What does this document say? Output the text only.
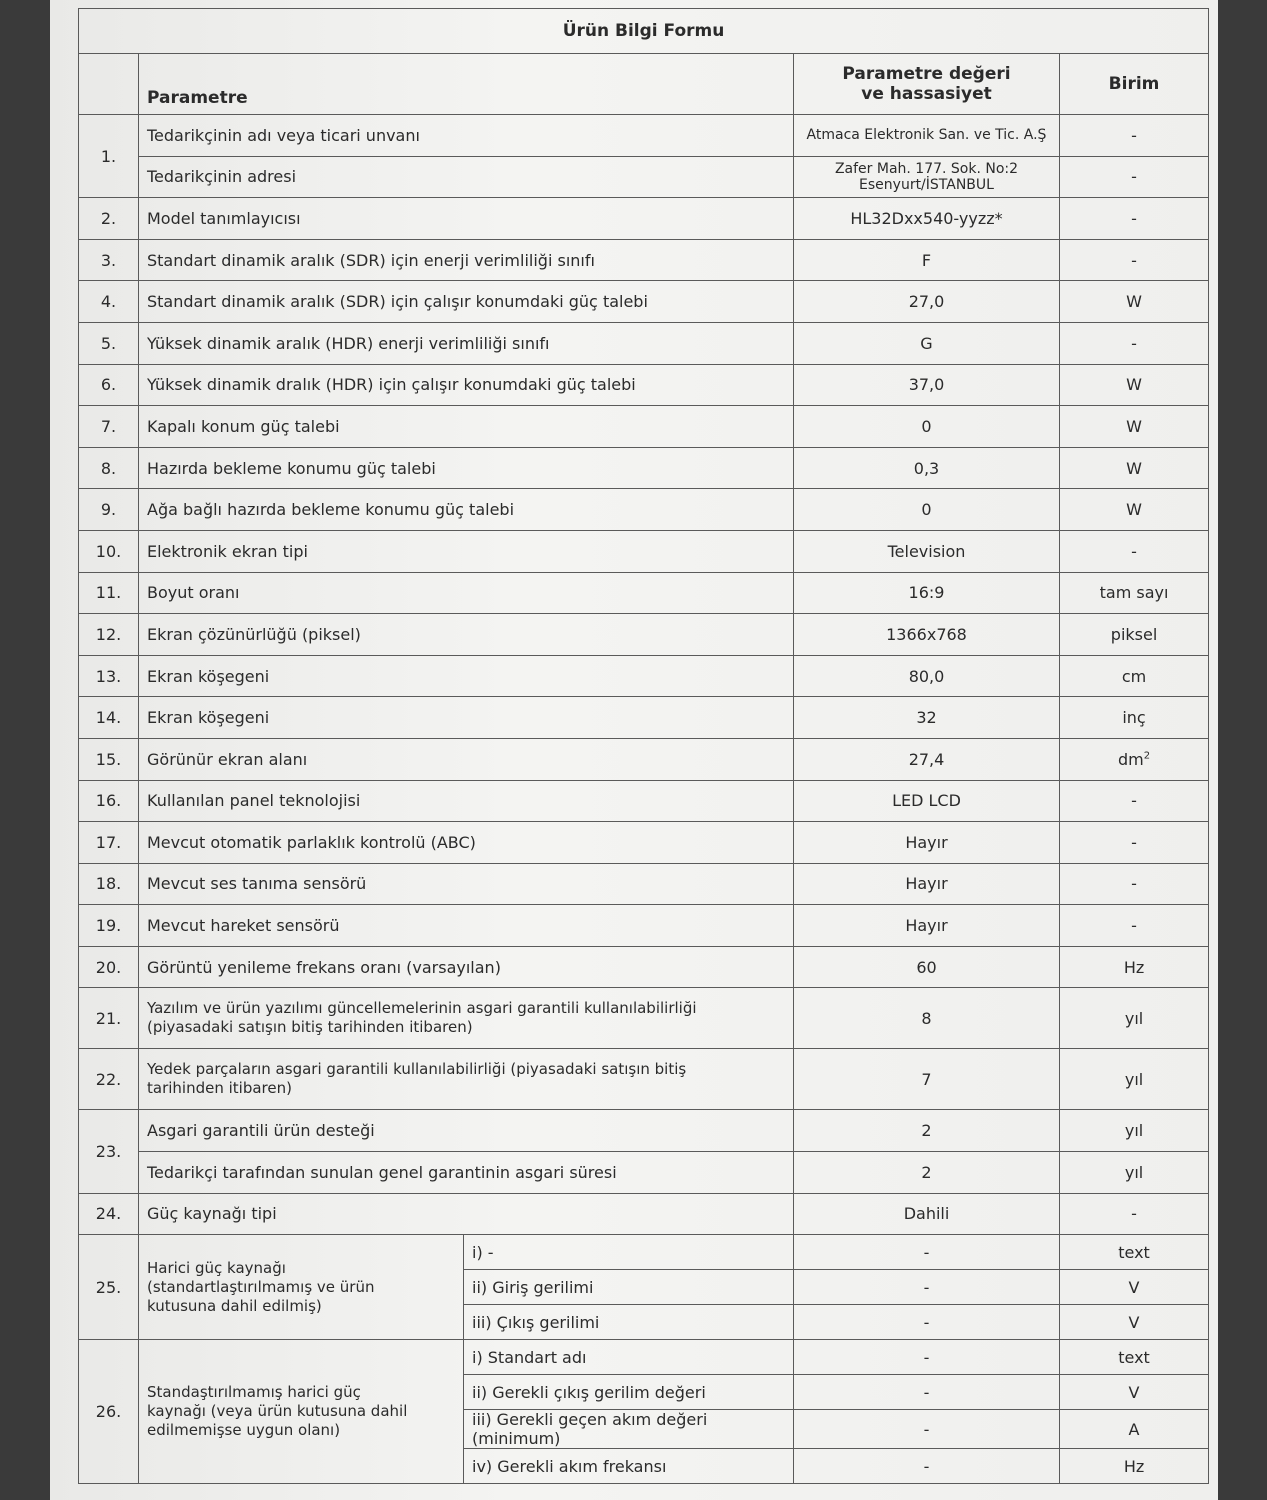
Ürün Bilgi Formu				
	Parametre		Parametre değeri
ve hassasiyet	Birim
1.	Tedarikçinin adı veya ticari unvanı		Atmaca Elektronik San. ve Tic. A.Ş	-
	Tedarikçinin adresi		Zafer Mah. 177. Sok. No:2
Esenyurt/İSTANBUL	-
2.	Model tanımlayıcısı		HL32Dxx540-yyzz*	-
3.	Standart dinamik aralık (SDR) için enerji verimliliği sınıfı		F	-
4.	Standart dinamik aralık (SDR) için çalışır konumdaki güç talebi		27,0	W
5.	Yüksek dinamik aralık (HDR) enerji verimliliği sınıfı		G	-
6.	Yüksek dinamik dralık (HDR) için çalışır konumdaki güç talebi		37,0	W
7.	Kapalı konum güç talebi		0	W
8.	Hazırda bekleme konumu güç talebi		0,3	W
9.	Ağa bağlı hazırda bekleme konumu güç talebi		0	W
10.	Elektronik ekran tipi		Television	-
11.	Boyut oranı		16:9	tam sayı
12.	Ekran çözünürlüğü (piksel)		1366x768	piksel
13.	Ekran köşegeni		80,0	cm
14.	Ekran köşegeni		32	inç
15.	Görünür ekran alanı		27,4	$dm^2$
16.	Kullanılan panel teknolojisi		LED LCD	-
17.	Mevcut otomatik parlaklık kontrolü (ABC)		Hayır	-
18.	Mevcut ses tanıma sensörü		Hayır	-
19.	Mevcut hareket sensörü		Hayır	-
20.	Görüntü yenileme frekans oranı (varsayılan)		60	Hz
21.	Yazılım ve ürün yazılımı güncellemelerinin asgari garantili kullanılabilirliği
(piyasadaki satışın bitiş tarihinden itibaren)		8	yıl
22.	Yedek parçaların asgari garantili kullanılabilirliği (piyasadaki satışın bitiş
tarihinden itibaren)		7	yıl
23.	Asgari garantili ürün desteği		2	yıl
	Tedarikçi tarafından sunulan genel garantinin asgari süresi		2	yıl
24.	Güç kaynağı tipi		Dahili	-
25.	Harici güç kaynağı
(standartlaştırılmamış ve ürün
kutusuna dahil edilmiş)	i) -	-	text
		ii) Giriş gerilimi	-	V
		iii) Çıkış gerilimi	-	V
26.	Standaştırılmamış harici güç
kaynağı (veya ürün kutusuna dahil
edilmemişse uygun olanı)	i) Standart adı	-	text
		ii) Gerekli çıkış gerilim değeri	-	V
		iii) Gerekli geçen akım değeri (minimum)	-	A
		iv) Gerekli akım frekansı	-	Hz
